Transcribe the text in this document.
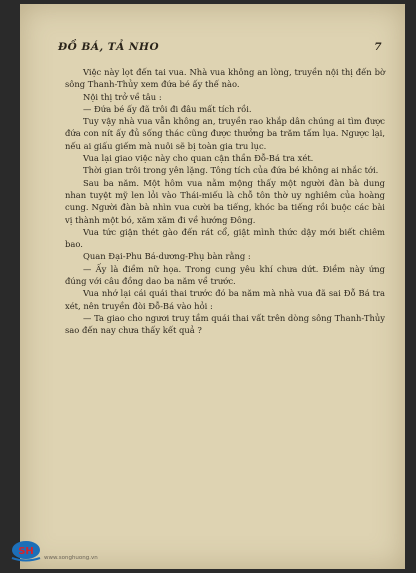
ĐỒ BÁ, TẢ NHO	7

Việc này lọt đến tai vua. Nhà vua không an lòng, truyền nội thị đến bờ sông Thanh-Thủy xem đứa bé ấy thế nào.

Nội thị trở về tâu :

— Đứa bé ấy đã trôi đi đâu mất tích rồi.

Tuy vậy nhà vua vẫn không an, truyền rao khắp dân chúng ai tìm được đứa con nít ấy đủ sống thác cũng được thưởng ba trăm tấm lụa. Ngược lại, nếu ai giấu giếm mà nuôi sẽ bị toàn gia tru lục.

Vua lại giao việc này cho quan cận thần Đỗ-Bá tra xét.

Thời gian trôi trong yên lặng. Tông tích của đứa bé không ai nhắc tới.

Sau ba năm. Một hôm vua nằm mộng thấy một người đàn bà dung nhan tuyệt mỹ len lỏi vào Thái-miếu là chỗ tôn thờ uy nghiêm của hoàng cung. Người đàn bà nhìn vua cười ba tiếng, khóc ba tiếng rồi buộc các bài vị thành một bó, xăm xăm đi về hướng Đông.

Vua tức giận thét gào đến rát cổ, giật mình thức dậy mới biết chiêm bao.

Quan Đại-Phu Bá-dương-Phụ bàn rằng :

— Ấy là điềm nữ họa. Trong cung yêu khí chưa dứt. Điềm này ứng đúng với câu đồng dao ba năm về trước.

Vua nhớ lại cái quái thai trước đó ba năm mà nhà vua đã sai Đỗ Bá tra xét, nên truyền đòi Đỗ-Bá vào hỏi :

— Ta giao cho ngươi truy tầm quái thai vất trên dòng sông Thanh-Thủy sao đến nay chưa thấy kết quả ?

SH
www.songhuong.vn
